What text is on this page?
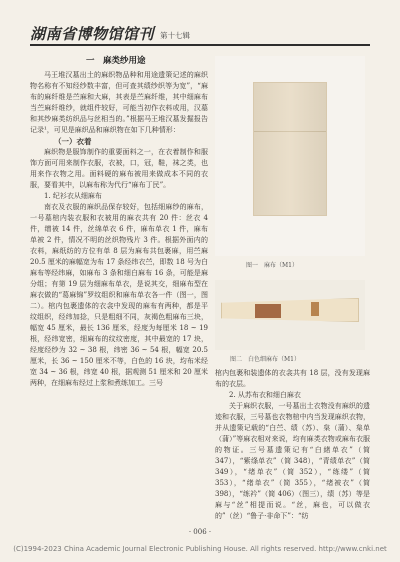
湖南省博物馆馆刊 第十七辑
一　麻类纱用途

马王堆汉墓出土的麻织物品种和用途遗策记述的麻织物名称有不知经纱数丰富，但可查其绩纱织等为宽”，“麻布的麻纤维是苎麻和大麻，其表是苎麻纤维，其中细麻布当苎麻纤维纱，就组件较好，可能当初作衣料或用，汉墓和其纱麻类纺织品与丝相当的。”根据马王堆汉墓发掘报告记录¹，可见是麻织品和麻织物在如下几种情形：

（一）衣着

麻织物是服饰制作的重要面料之一，在衣着制作和服饰方面可用来制作衣服，衣被，口，冠，鞋，袜之类，也用来作衣物之用。面料硬的麻布被用来做成本不同的衣服，要看其中，以麻布称为代行“麻布丁民”。

1. 纪衫衣从细麻布

南衣及衣服的麻织品保存较好，包括细麻纱的麻布，一号墓棺内装衣服和衣被用的麻衣共有 20 件：丝衣 4 件，缯被 14 件，丝绵单衣 6 件，麻布单衣 1 件，麻布单被 2 件，情况不明的丝织物残片 3 件。根据外面内的衣料，麻纸纺的方位有单 8 层为麻布共包裹麻，用苎麻 20.5 厘米的麻幅宽为布 17 条经纬衣苎，即数 18 号为白麻布等经纬麻，如麻布 3 条和细白麻布 16 条，可能是麻分组；有第 19 层为细麻布单衣，是说其交，细麻布型在麻衣做的“葛麻锦”罗纹组织和麻布单衣各一件（图一，图二）。棺内包裹遗体的衣衾中发现的麻布有两种，都是平纹组织，经纬加捻，只是粗细不同，灰褐色粗麻布三块，幅宽 45 厘米，最长 136 厘米，经度为每厘米 18 ~ 19 根，经纬宽密，细麻布的纹纹密度，其中最宽的 17 块，经度经纱为 32 ~ 38 根，纬密 36 ~ 54 根，幅宽 20.5 厘米，长 36 ~ 150 厘米不等，白色的 16 块，均布米经宽 34 ~ 36 根，纬宽 40 根，据观测 51 厘米和 20 厘米两种，在细麻布经过上浆和煮练加工。三号

图一　麻布（M1）
图二　白色细麻布（M1）

棺内包裹和装遗体的衣衾共有 18 层，没有发现麻布的衣层。

2. 从苏布衣和细白麻衣

关于麻织衣服，一号墓出土衣物没有麻织的遗迹和衣服，三号墓也衣物棺中内当发现麻织衣物，并从遗策记载的“白苎、绩（苏）、枲（蒲）、枲单（蒲）”等麻衣相对来说，均有麻类衣物或麻布衣服的物证。三号墓遗策记有“白緒单衣”（简 347），“紫绦单衣”（简 348），“青绩单衣”（简 349），“绪单衣”（简 352），“练缕”（简 353），“绪单衣”（简 355），“绪被衣”（简 398），“练衿”（简 406）（图三），绩（苏）等是麻与“丝”相提而说。“丝，麻也，可以做衣的”（丝）“鲁子·非命下”：“纺

· 006 ·
(C)1994-2023 China Academic Journal Electronic Publishing House. All rights reserved. http://www.cnki.net
